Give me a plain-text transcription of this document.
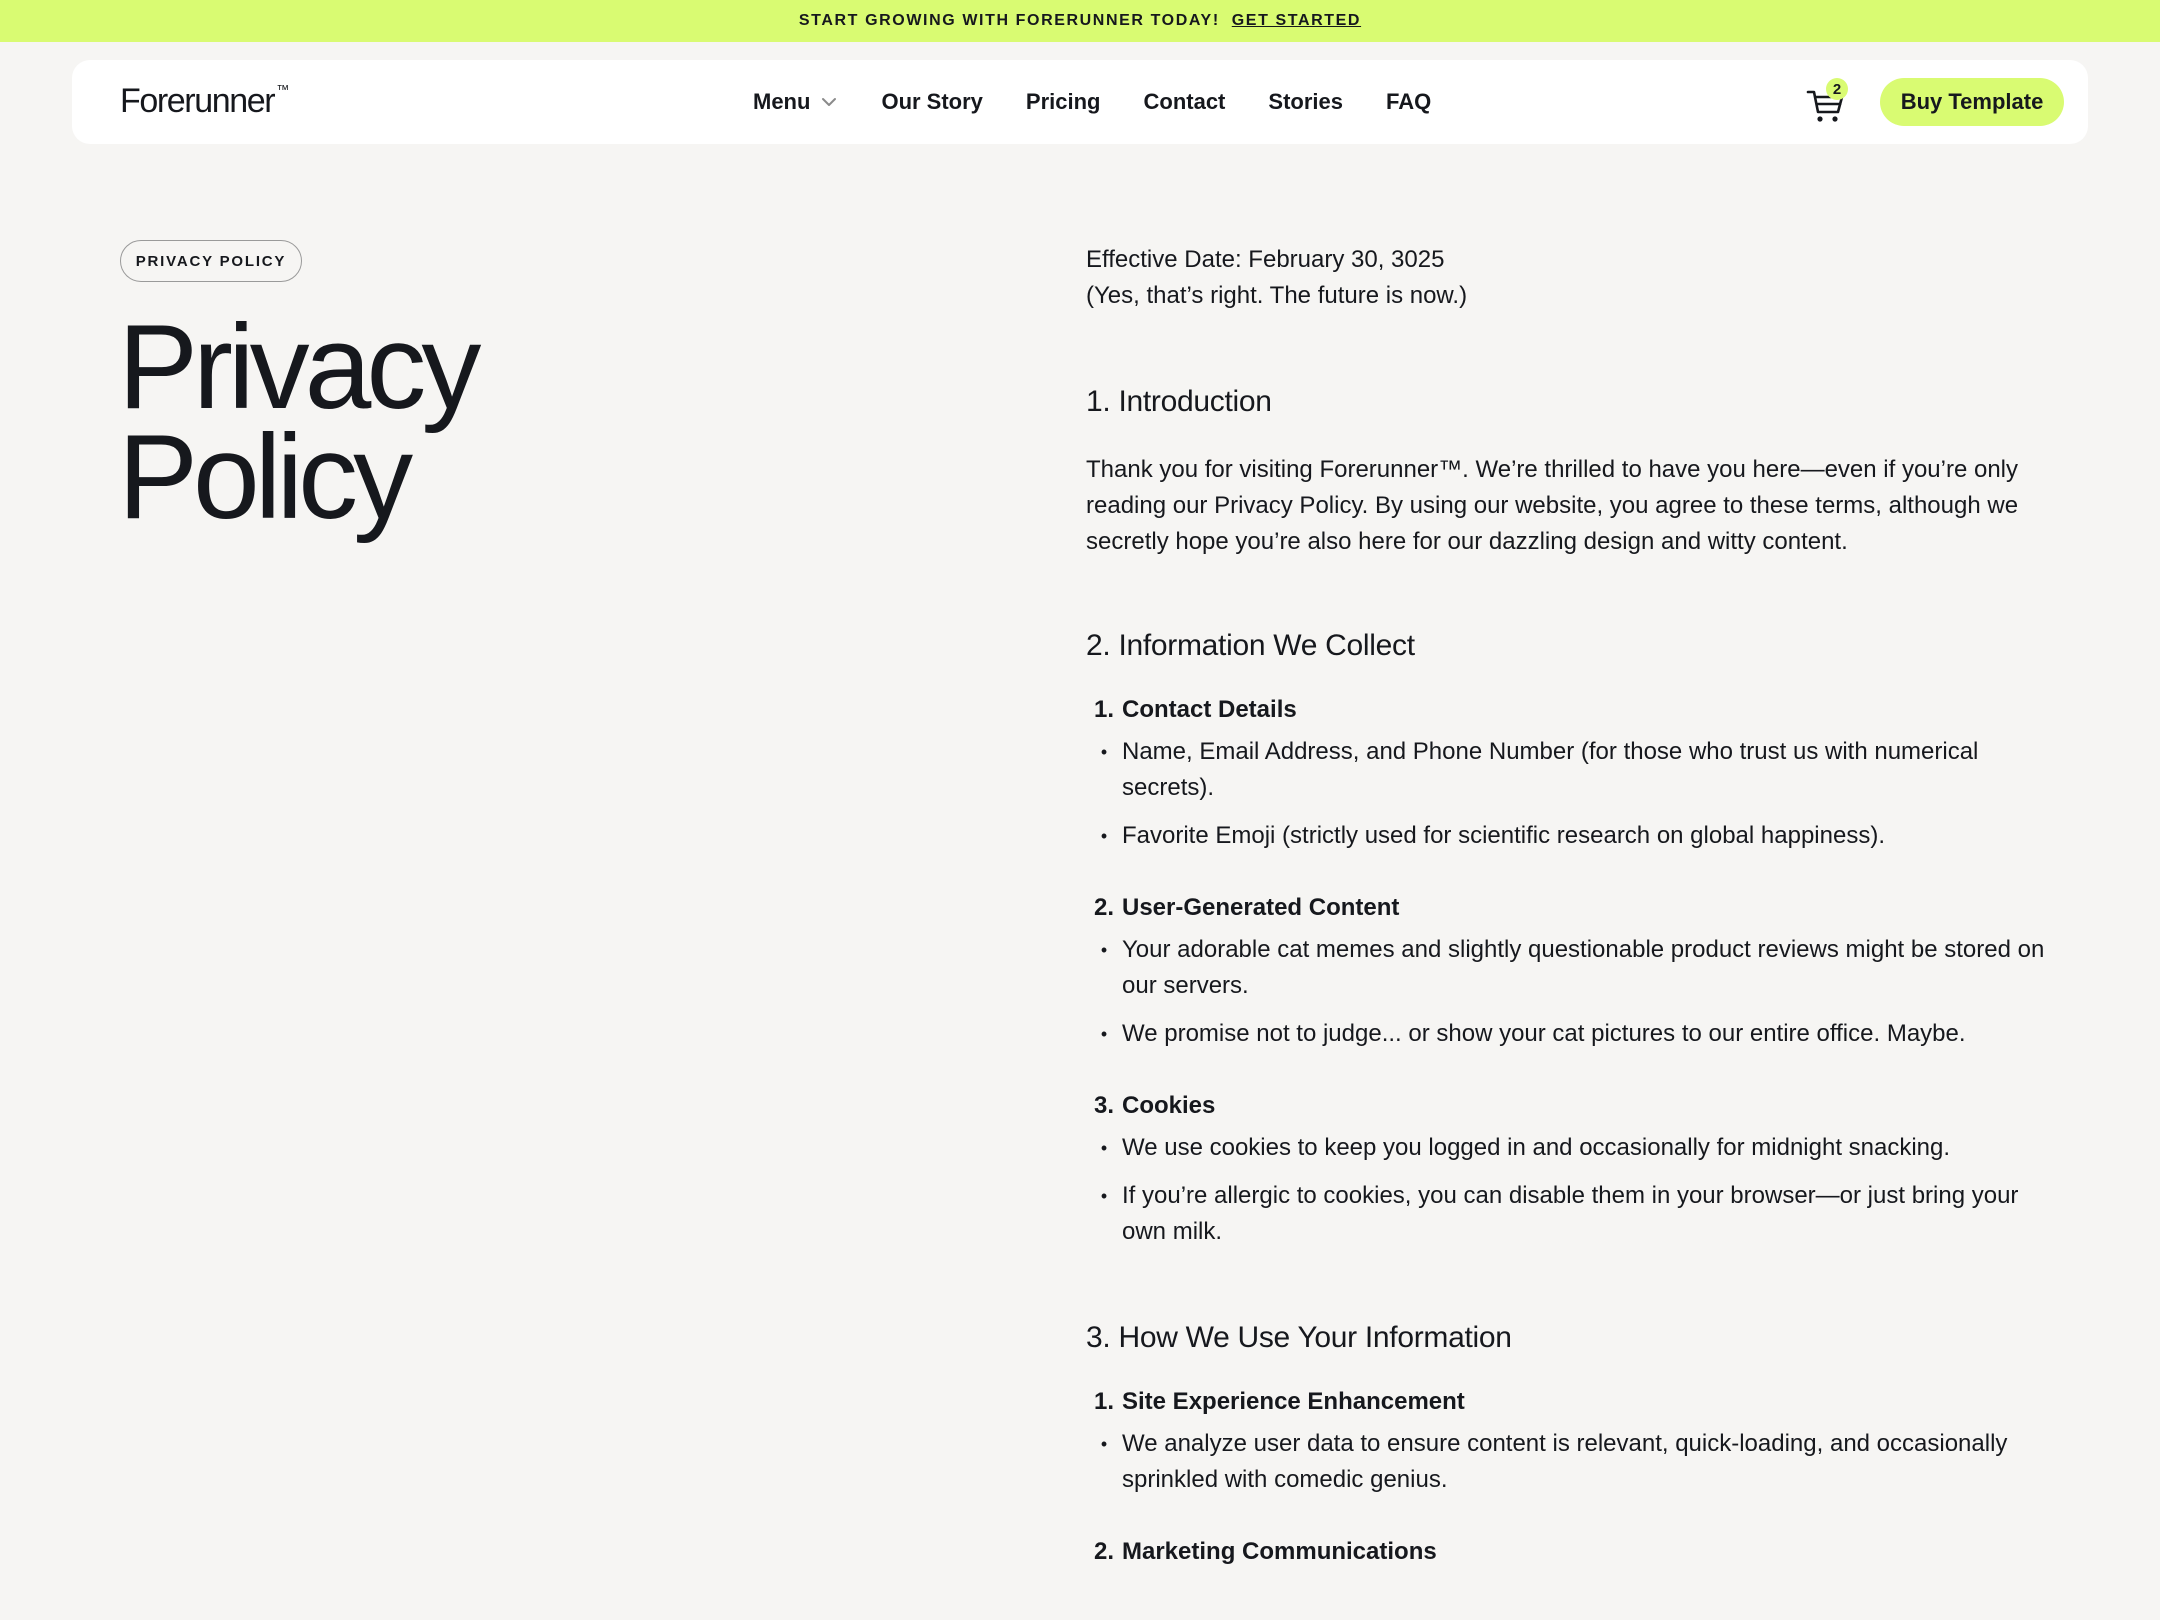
START GROWING WITH FORERUNNER TODAY! GET STARTED
Forerunner ™	Menu	Our Story Pricing Contact Stories FAQ	2	Buy Template
PRIVACY POLICY
Privacy
Policy
Effective Date: February 30, 3025
(Yes, that’s right. The future is now.)
1. Introduction
Thank you for visiting Forerunner™. We’re thrilled to have you here—even if you’re only reading our Privacy Policy. By using our website, you agree to these terms, although we secretly hope you’re also here for our dazzling design and witty content.
2. Information We Collect
1. Contact Details
• Name, Email Address, and Phone Number (for those who trust us with numerical secrets).
• Favorite Emoji (strictly used for scientific research on global happiness).
2. User-Generated Content
• Your adorable cat memes and slightly questionable product reviews might be stored on our servers.
• We promise not to judge... or show your cat pictures to our entire office. Maybe.
3. Cookies
• We use cookies to keep you logged in and occasionally for midnight snacking.
• If you’re allergic to cookies, you can disable them in your browser—or just bring your own milk.
3. How We Use Your Information
1. Site Experience Enhancement
• We analyze user data to ensure content is relevant, quick-loading, and occasionally sprinkled with comedic genius.
2. Marketing Communications
